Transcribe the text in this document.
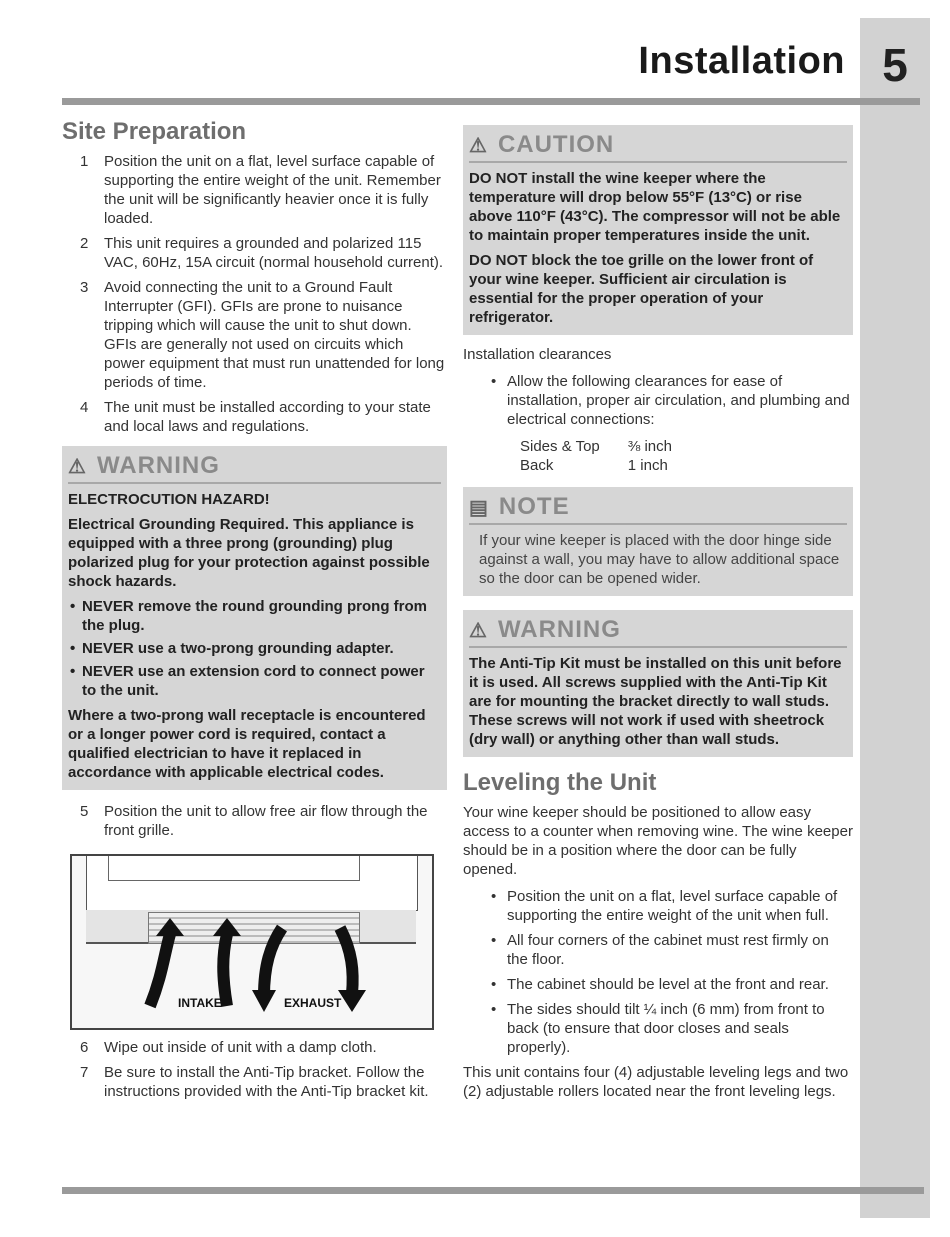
5
Installation
Site Preparation
1 Position the unit on a flat, level surface capable of supporting the entire weight of the unit. Remember the unit will be significantly heavier once it is fully loaded.
2 This unit requires a grounded and polarized 115 VAC, 60Hz, 15A circuit (normal household current).
3 Avoid connecting the unit to a Ground Fault Interrupter (GFI). GFIs are prone to nuisance tripping which will cause the unit to shut down. GFIs are generally not used on circuits which power equipment that must run unattended for long periods of time.
4 The unit must be installed according to your state and local laws and regulations.
⚠ WARNING

ELECTROCUTION HAZARD!

Electrical Grounding Required. This appliance is equipped with a three prong (grounding) plug polarized plug for your protection against possible shock hazards.

• NEVER remove the round grounding prong from the plug.
• NEVER use a two-prong grounding adapter.
• NEVER use an extension cord to connect power to the unit.

Where a two-prong wall receptacle is encountered or a longer power cord is required, contact a qualified electrician to have it replaced in accordance with applicable electrical codes.

5 Position the unit to allow free air flow through the front grille.
INTAKE	EXHAUST
6 Wipe out inside of unit with a damp cloth.
7 Be sure to install the Anti-Tip bracket. Follow the instructions provided with the Anti-Tip bracket kit.
⚠ CAUTION

DO NOT install the wine keeper where the temperature will drop below 55°F (13°C) or rise above 110°F (43°C). The compressor will not be able to maintain proper temperatures inside the unit.

DO NOT block the toe grille on the lower front of your wine keeper. Sufficient air circulation is essential for the proper operation of your refrigerator.

Installation clearances

• Allow the following clearances for ease of installation, proper air circulation, and plumbing and electrical connections:
Sides & Top	⅜ inch
Back	1 inch
▤ NOTE

If your wine keeper is placed with the door hinge side against a wall, you may have to allow additional space so the door can be opened wider.

⚠ WARNING

The Anti-Tip Kit must be installed on this unit before it is used. All screws supplied with the Anti-Tip Kit are for mounting the bracket directly to wall studs. These screws will not work if used with sheetrock (dry wall) or anything other than wall studs.

Leveling the Unit

Your wine keeper should be positioned to allow easy access to a counter when removing wine. The wine keeper should be in a position where the door can be fully opened.

• Position the unit on a flat, level surface capable of supporting the entire weight of the unit when full.
• All four corners of the cabinet must rest firmly on the floor.
• The cabinet should be level at the front and rear.
• The sides should tilt ¼ inch (6 mm) from front to back (to ensure that door closes and seals properly).

This unit contains four (4) adjustable leveling legs and two (2) adjustable rollers located near the front leveling legs.
